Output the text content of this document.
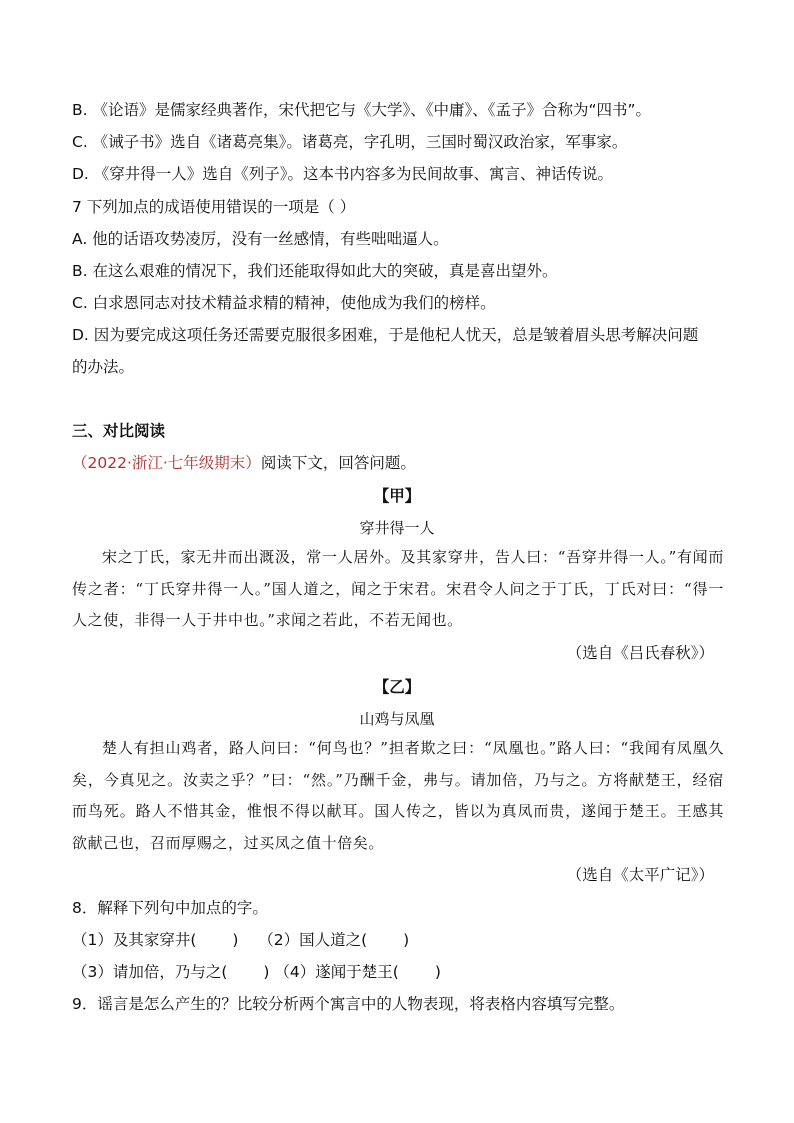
B. 《论语》是儒家经典著作，宋代把它与《大学》、《中庸》、《孟子》合称为“四书”。
C. 《诫子书》选自《诸葛亮集》。诸葛亮，字孔明，三国时蜀汉政治家，军事家。
D. 《穿井得一人》选自《列子》。这本书内容多为民间故事、寓言、神话传说。
7 下列加点的成语使用错误的一项是（ ）
A. 他的话语攻势凌厉，没有一丝感情，有些咄咄逼人。
B. 在这么艰难的情况下，我们还能取得如此大的突破，真是喜出望外。
C. 白求恩同志对技术精益求精的精神，使他成为我们的榜样。
D. 因为要完成这项任务还需要克服很多困难，于是他杞人忧天，总是皱着眉头思考解决问题
的办法。
三、对比阅读
（2022·浙江·七年级期末）阅读下文，回答问题。
【甲】
穿井得一人
宋之丁氏，家无井而出溉汲，常一人居外。及其家穿井，告人曰：“吾穿井得一人。”有闻而传之者：“丁氏穿井得一人。”国人道之，闻之于宋君。宋君令人问之于丁氏，丁氏对曰：“得一人之使，非得一人于井中也。”求闻之若此，不若无闻也。
（选自《吕氏春秋》）
【乙】
山鸡与凤凰
楚人有担山鸡者，路人问曰：“何鸟也？”担者欺之曰：“凤凰也。”路人曰：“我闻有凤凰久矣，今真见之。汝卖之乎？”曰：“然。”乃酬千金，弗与。请加倍，乃与之。方将献楚王，经宿而鸟死。路人不惜其金，惟恨不得以献耳。国人传之，皆以为真凤而贵，遂闻于楚王。王感其欲献己也，召而厚赐之，过买凤之值十倍矣。
（选自《太平广记》）
8．解释下列句中加点的字。
（1）及其家穿井( ) （2）国人道之( )
（3）请加倍，乃与之( ) （4）遂闻于楚王( )
9．谣言是怎么产生的？比较分析两个寓言中的人物表现，将表格内容填写完整。
